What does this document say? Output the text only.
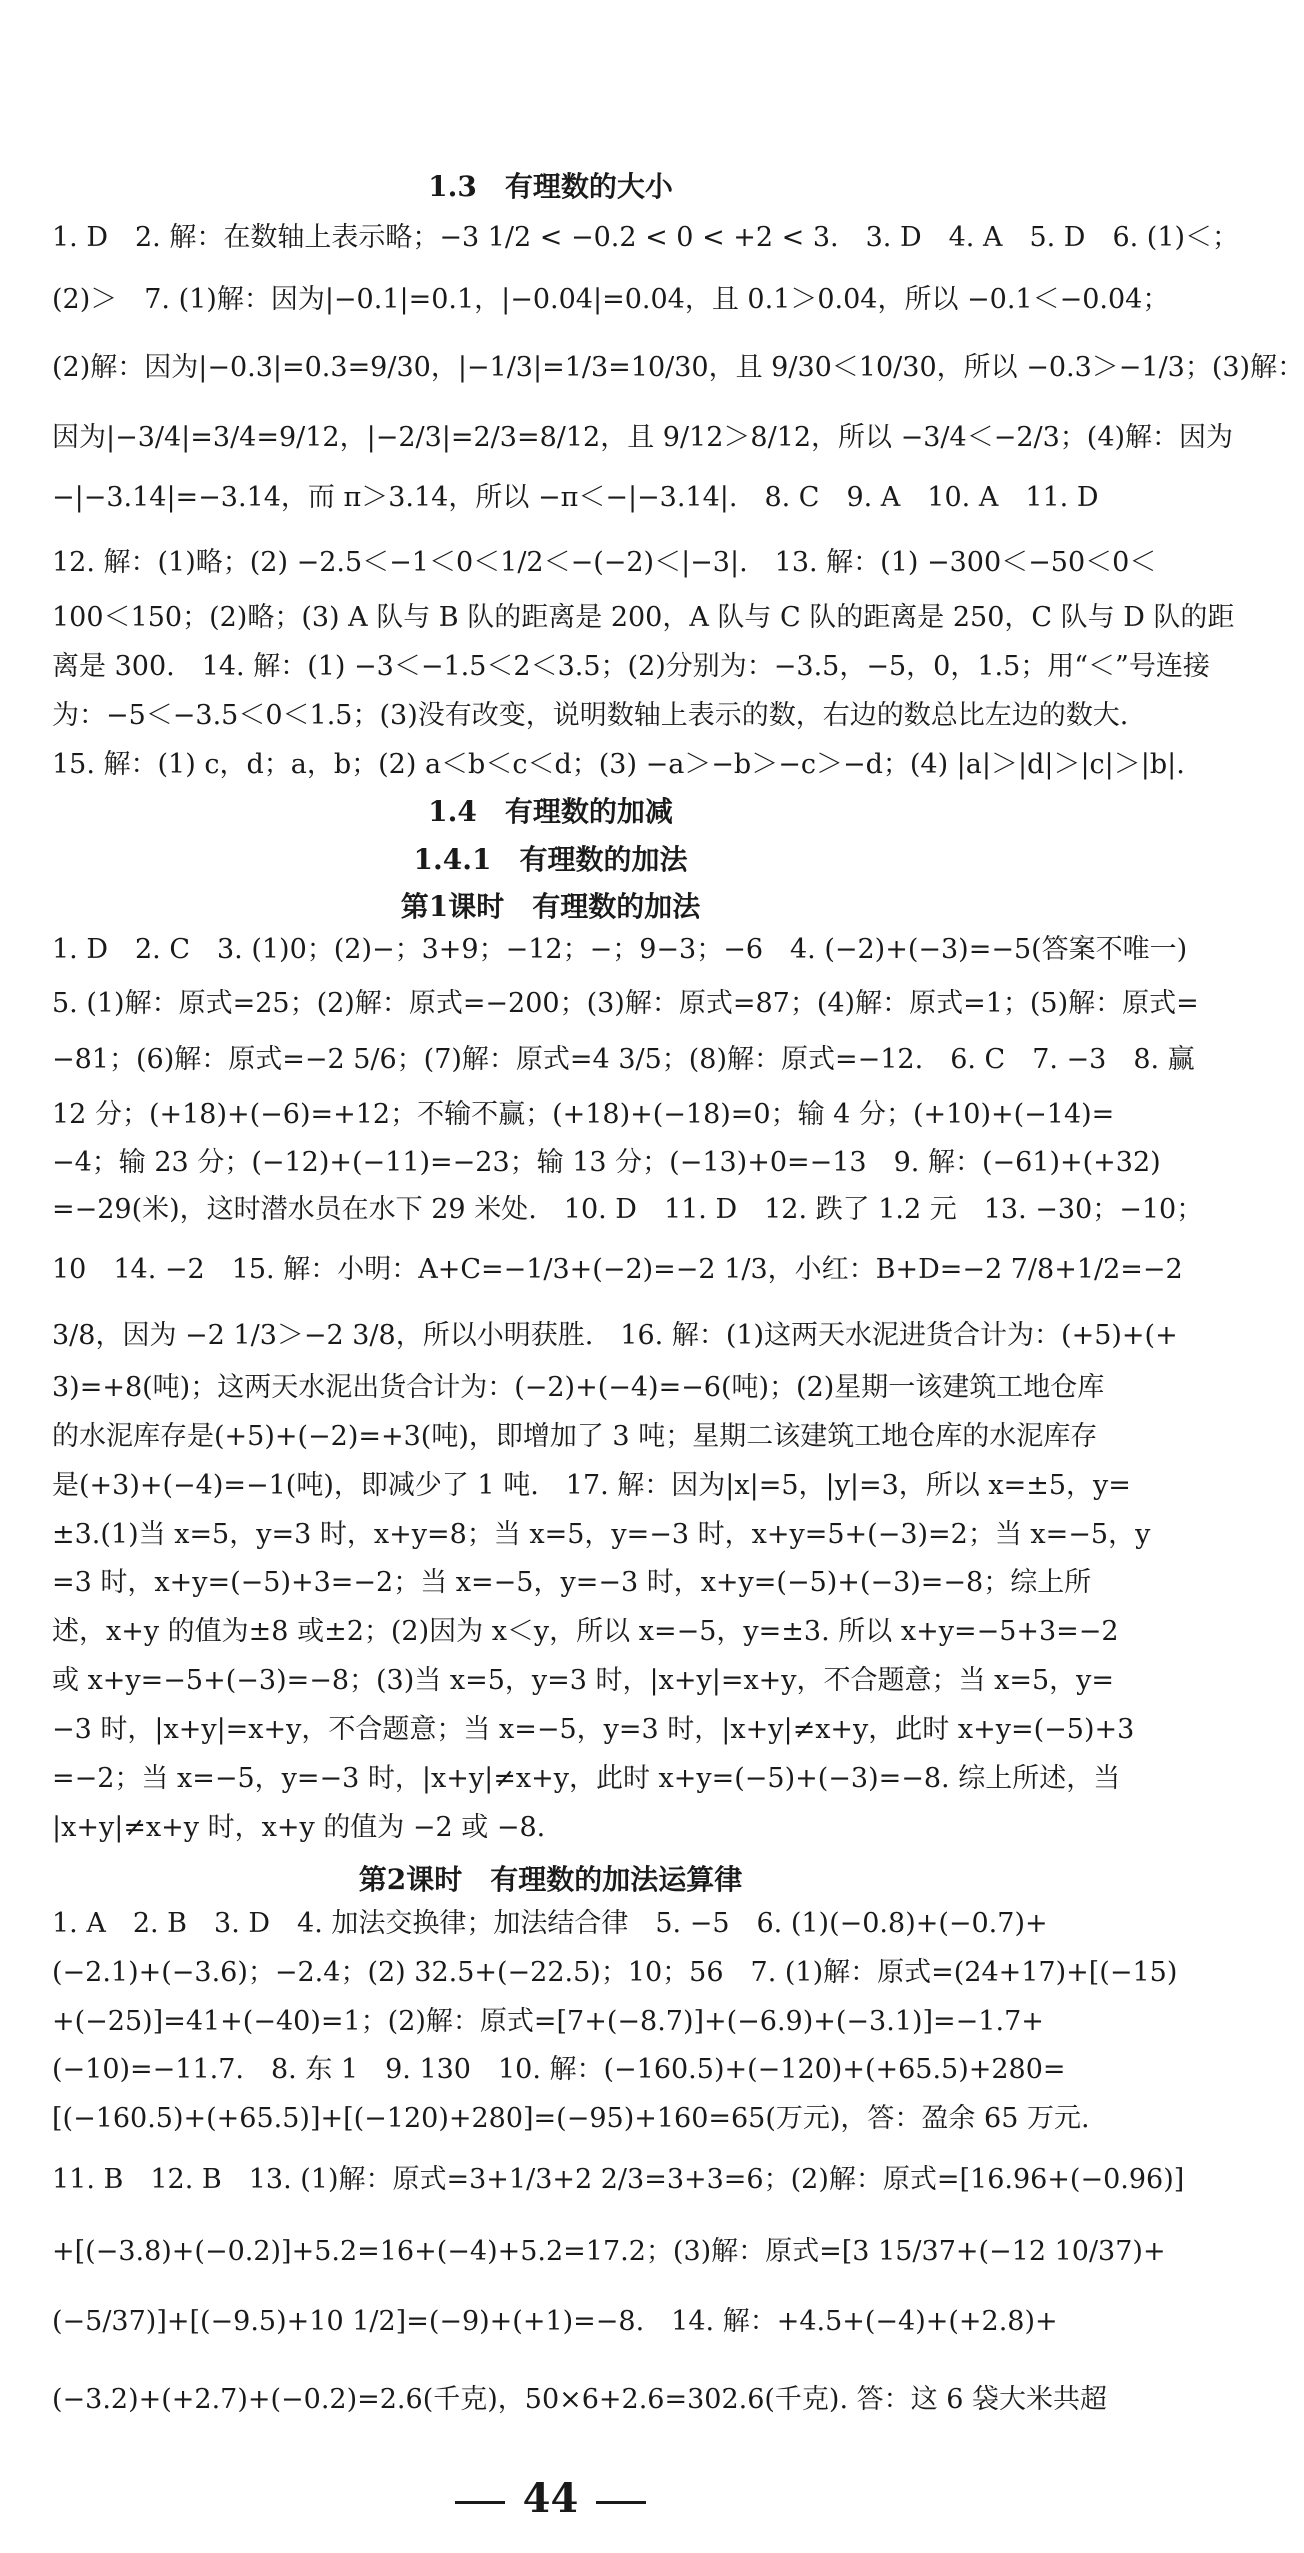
1.3　有理数的大小
1. D　2. 解：在数轴上表示略；−3 1/2 < −0.2 < 0 < +2 < 3.　3. D　4. A　5. D　6. (1)＜；
(2)＞　7. (1)解：因为|−0.1|=0.1，|−0.04|=0.04，且 0.1＞0.04，所以 −0.1＜−0.04；
(2)解：因为|−0.3|=0.3=9/30，|−1/3|=1/3=10/30，且 9/30＜10/30，所以 −0.3＞−1/3；(3)解：
因为|−3/4|=3/4=9/12，|−2/3|=2/3=8/12，且 9/12＞8/12，所以 −3/4＜−2/3；(4)解：因为
−|−3.14|=−3.14，而 π＞3.14，所以 −π＜−|−3.14|.　8. C　9. A　10. A　11. D
12. 解：(1)略；(2) −2.5＜−1＜0＜1/2＜−(−2)＜|−3|.　13. 解：(1) −300＜−50＜0＜
100＜150；(2)略；(3) A 队与 B 队的距离是 200，A 队与 C 队的距离是 250，C 队与 D 队的距
离是 300.　14. 解：(1) −3＜−1.5＜2＜3.5；(2)分别为：−3.5，−5，0，1.5；用“＜”号连接
为：−5＜−3.5＜0＜1.5；(3)没有改变，说明数轴上表示的数，右边的数总比左边的数大.
15. 解：(1) c，d；a，b；(2) a＜b＜c＜d；(3) −a＞−b＞−c＞−d；(4) |a|＞|d|＞|c|＞|b|.
1.4　有理数的加减
1.4.1　有理数的加法
第1课时　有理数的加法
1. D　2. C　3. (1)0；(2)−；3+9；−12；−；9−3；−6　4. (−2)+(−3)=−5(答案不唯一)
5. (1)解：原式=25；(2)解：原式=−200；(3)解：原式=87；(4)解：原式=1；(5)解：原式=
−81；(6)解：原式=−2 5/6；(7)解：原式=4 3/5；(8)解：原式=−12.　6. C　7. −3　8. 赢
12 分；(+18)+(−6)=+12；不输不赢；(+18)+(−18)=0；输 4 分；(+10)+(−14)=
−4；输 23 分；(−12)+(−11)=−23；输 13 分；(−13)+0=−13　9. 解：(−61)+(+32)
=−29(米)，这时潜水员在水下 29 米处.　10. D　11. D　12. 跌了 1.2 元　13. −30；−10；
10　14. −2　15. 解：小明：A+C=−1/3+(−2)=−2 1/3，小红：B+D=−2 7/8+1/2=−2
3/8，因为 −2 1/3＞−2 3/8，所以小明获胜.　16. 解：(1)这两天水泥进货合计为：(+5)+(+
3)=+8(吨)；这两天水泥出货合计为：(−2)+(−4)=−6(吨)；(2)星期一该建筑工地仓库
的水泥库存是(+5)+(−2)=+3(吨)，即增加了 3 吨；星期二该建筑工地仓库的水泥库存
是(+3)+(−4)=−1(吨)，即减少了 1 吨.　17. 解：因为|x|=5，|y|=3，所以 x=±5，y=
±3.(1)当 x=5，y=3 时，x+y=8；当 x=5，y=−3 时，x+y=5+(−3)=2；当 x=−5，y
=3 时，x+y=(−5)+3=−2；当 x=−5，y=−3 时，x+y=(−5)+(−3)=−8；综上所
述，x+y 的值为±8 或±2；(2)因为 x＜y，所以 x=−5，y=±3. 所以 x+y=−5+3=−2
或 x+y=−5+(−3)=−8；(3)当 x=5，y=3 时，|x+y|=x+y，不合题意；当 x=5，y=
−3 时，|x+y|=x+y，不合题意；当 x=−5，y=3 时，|x+y|≠x+y，此时 x+y=(−5)+3
=−2；当 x=−5，y=−3 时，|x+y|≠x+y，此时 x+y=(−5)+(−3)=−8. 综上所述，当
|x+y|≠x+y 时，x+y 的值为 −2 或 −8.
第2课时　有理数的加法运算律
1. A　2. B　3. D　4. 加法交换律；加法结合律　5. −5　6. (1)(−0.8)+(−0.7)+
(−2.1)+(−3.6)；−2.4；(2) 32.5+(−22.5)；10；56　7. (1)解：原式=(24+17)+[(−15)
+(−25)]=41+(−40)=1；(2)解：原式=[7+(−8.7)]+(−6.9)+(−3.1)]=−1.7+
(−10)=−11.7.　8. 东 1　9. 130　10. 解：(−160.5)+(−120)+(+65.5)+280=
[(−160.5)+(+65.5)]+[(−120)+280]=(−95)+160=65(万元)，答：盈余 65 万元.
11. B　12. B　13. (1)解：原式=3+1/3+2 2/3=3+3=6；(2)解：原式=[16.96+(−0.96)]
+[(−3.8)+(−0.2)]+5.2=16+(−4)+5.2=17.2；(3)解：原式=[3 15/37+(−12 10/37)+
(−5/37)]+[(−9.5)+10 1/2]=(−9)+(+1)=−8.　14. 解：+4.5+(−4)+(+2.8)+
(−3.2)+(+2.7)+(−0.2)=2.6(千克)，50×6+2.6=302.6(千克). 答：这 6 袋大米共超
44
